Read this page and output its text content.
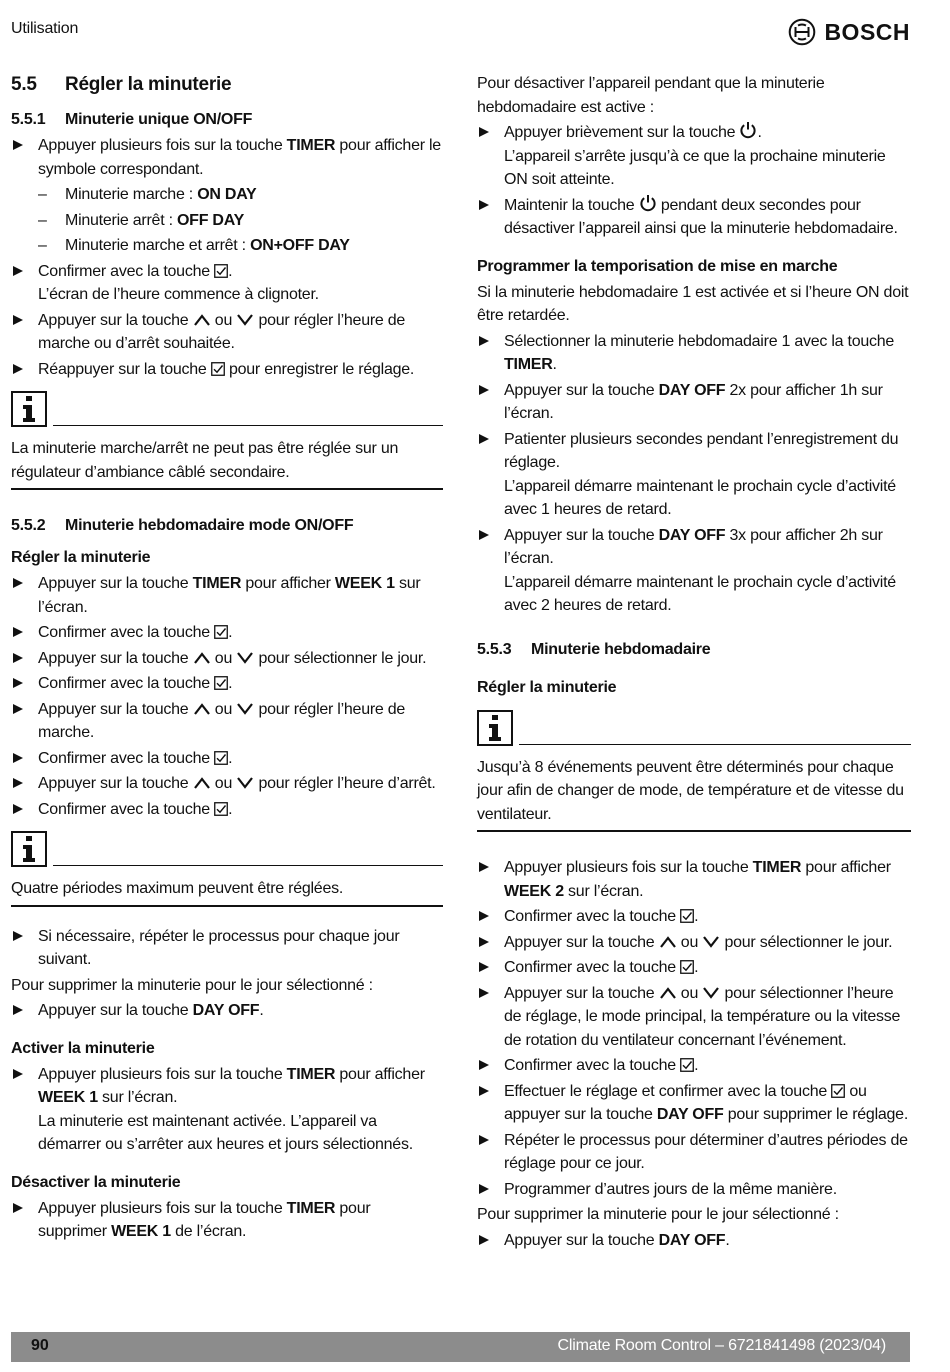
Utilisation	BOSCH
5.5 Régler la minuterie
5.5.1 Minuterie unique ON/OFF
Appuyer plusieurs fois sur la touche TIMER pour afficher le symbole correspondant.
– Minuterie marche : ON DAY
– Minuterie arrêt : OFF DAY
– Minuterie marche et arrêt : ON+OFF DAY
Confirmer avec la touche
.
L’écran de l’heure commence à clignoter.
Appuyer sur la touche
ou
pour régler l’heure de marche ou d’arrêt souhaitée.
Réappuyer sur la touche
pour enregistrer le réglage.
La minuterie marche/arrêt ne peut pas être réglée sur un régulateur d’ambiance câblé secondaire.
5.5.2 Minuterie hebdomadaire mode ON/OFF
Régler la minuterie
Appuyer sur la touche TIMER pour afficher WEEK 1 sur l’écran.
Confirmer avec la touche
.
Appuyer sur la touche
ou
pour sélectionner le jour.
Confirmer avec la touche
.
Appuyer sur la touche
ou
pour régler l’heure de marche.
Confirmer avec la touche
.
Appuyer sur la touche
ou
pour régler l’heure d’arrêt.
Confirmer avec la touche
.
Quatre périodes maximum peuvent être réglées.
Si nécessaire, répéter le processus pour chaque jour suivant.

Pour supprimer la minuterie pour le jour sélectionné :

Appuyer sur la touche DAY OFF.
Activer la minuterie
Appuyer plusieurs fois sur la touche TIMER pour afficher WEEK 1 sur l’écran.
La minuterie est maintenant activée. L’appareil va démarrer ou s’arrêter aux heures et jours sélectionnés.
Désactiver la minuterie
Appuyer plusieurs fois sur la touche TIMER pour supprimer WEEK 1 de l’écran.

Pour désactiver l’appareil pendant que la minuterie hebdomadaire est active :

Appuyer brièvement sur la touche
.
L’appareil s’arrête jusqu’à ce que la prochaine minuterie ON soit atteinte.
Maintenir la touche
pendant deux secondes pour désactiver l’appareil ainsi que la minuterie hebdomadaire.
Programmer la temporisation de mise en marche

Si la minuterie hebdomadaire 1 est activée et si l’heure ON doit être retardée.

Sélectionner la minuterie hebdomadaire 1 avec la touche TIMER.
Appuyer sur la touche DAY OFF 2x pour afficher 1h sur l’écran.
Patienter plusieurs secondes pendant l’enregistrement du réglage.
L’appareil démarre maintenant le prochain cycle d’activité avec 1 heures de retard.
Appuyer sur la touche DAY OFF 3x pour afficher 2h sur l’écran.
L’appareil démarre maintenant le prochain cycle d’activité avec 2 heures de retard.
5.5.3 Minuterie hebdomadaire
Régler la minuterie
Jusqu’à 8 événements peuvent être déterminés pour chaque jour afin de changer de mode, de température et de vitesse du ventilateur.
Appuyer plusieurs fois sur la touche TIMER pour afficher WEEK 2 sur l’écran.
Confirmer avec la touche
.
Appuyer sur la touche
ou
pour sélectionner le jour.
Confirmer avec la touche
.
Appuyer sur la touche
ou
pour sélectionner l’heure de réglage, le mode principal, la température ou la vitesse de rotation du ventilateur concernant l’événement.
Confirmer avec la touche
.
Effectuer le réglage et confirmer avec la touche
ou appuyer sur la touche DAY OFF pour supprimer le réglage.
Répéter le processus pour déterminer d’autres périodes de réglage pour ce jour.
Programmer d’autres jours de la même manière.

Pour supprimer la minuterie pour le jour sélectionné :

Appuyer sur la touche DAY OFF.
90	Climate Room Control – 6721841498 (2023/04)
